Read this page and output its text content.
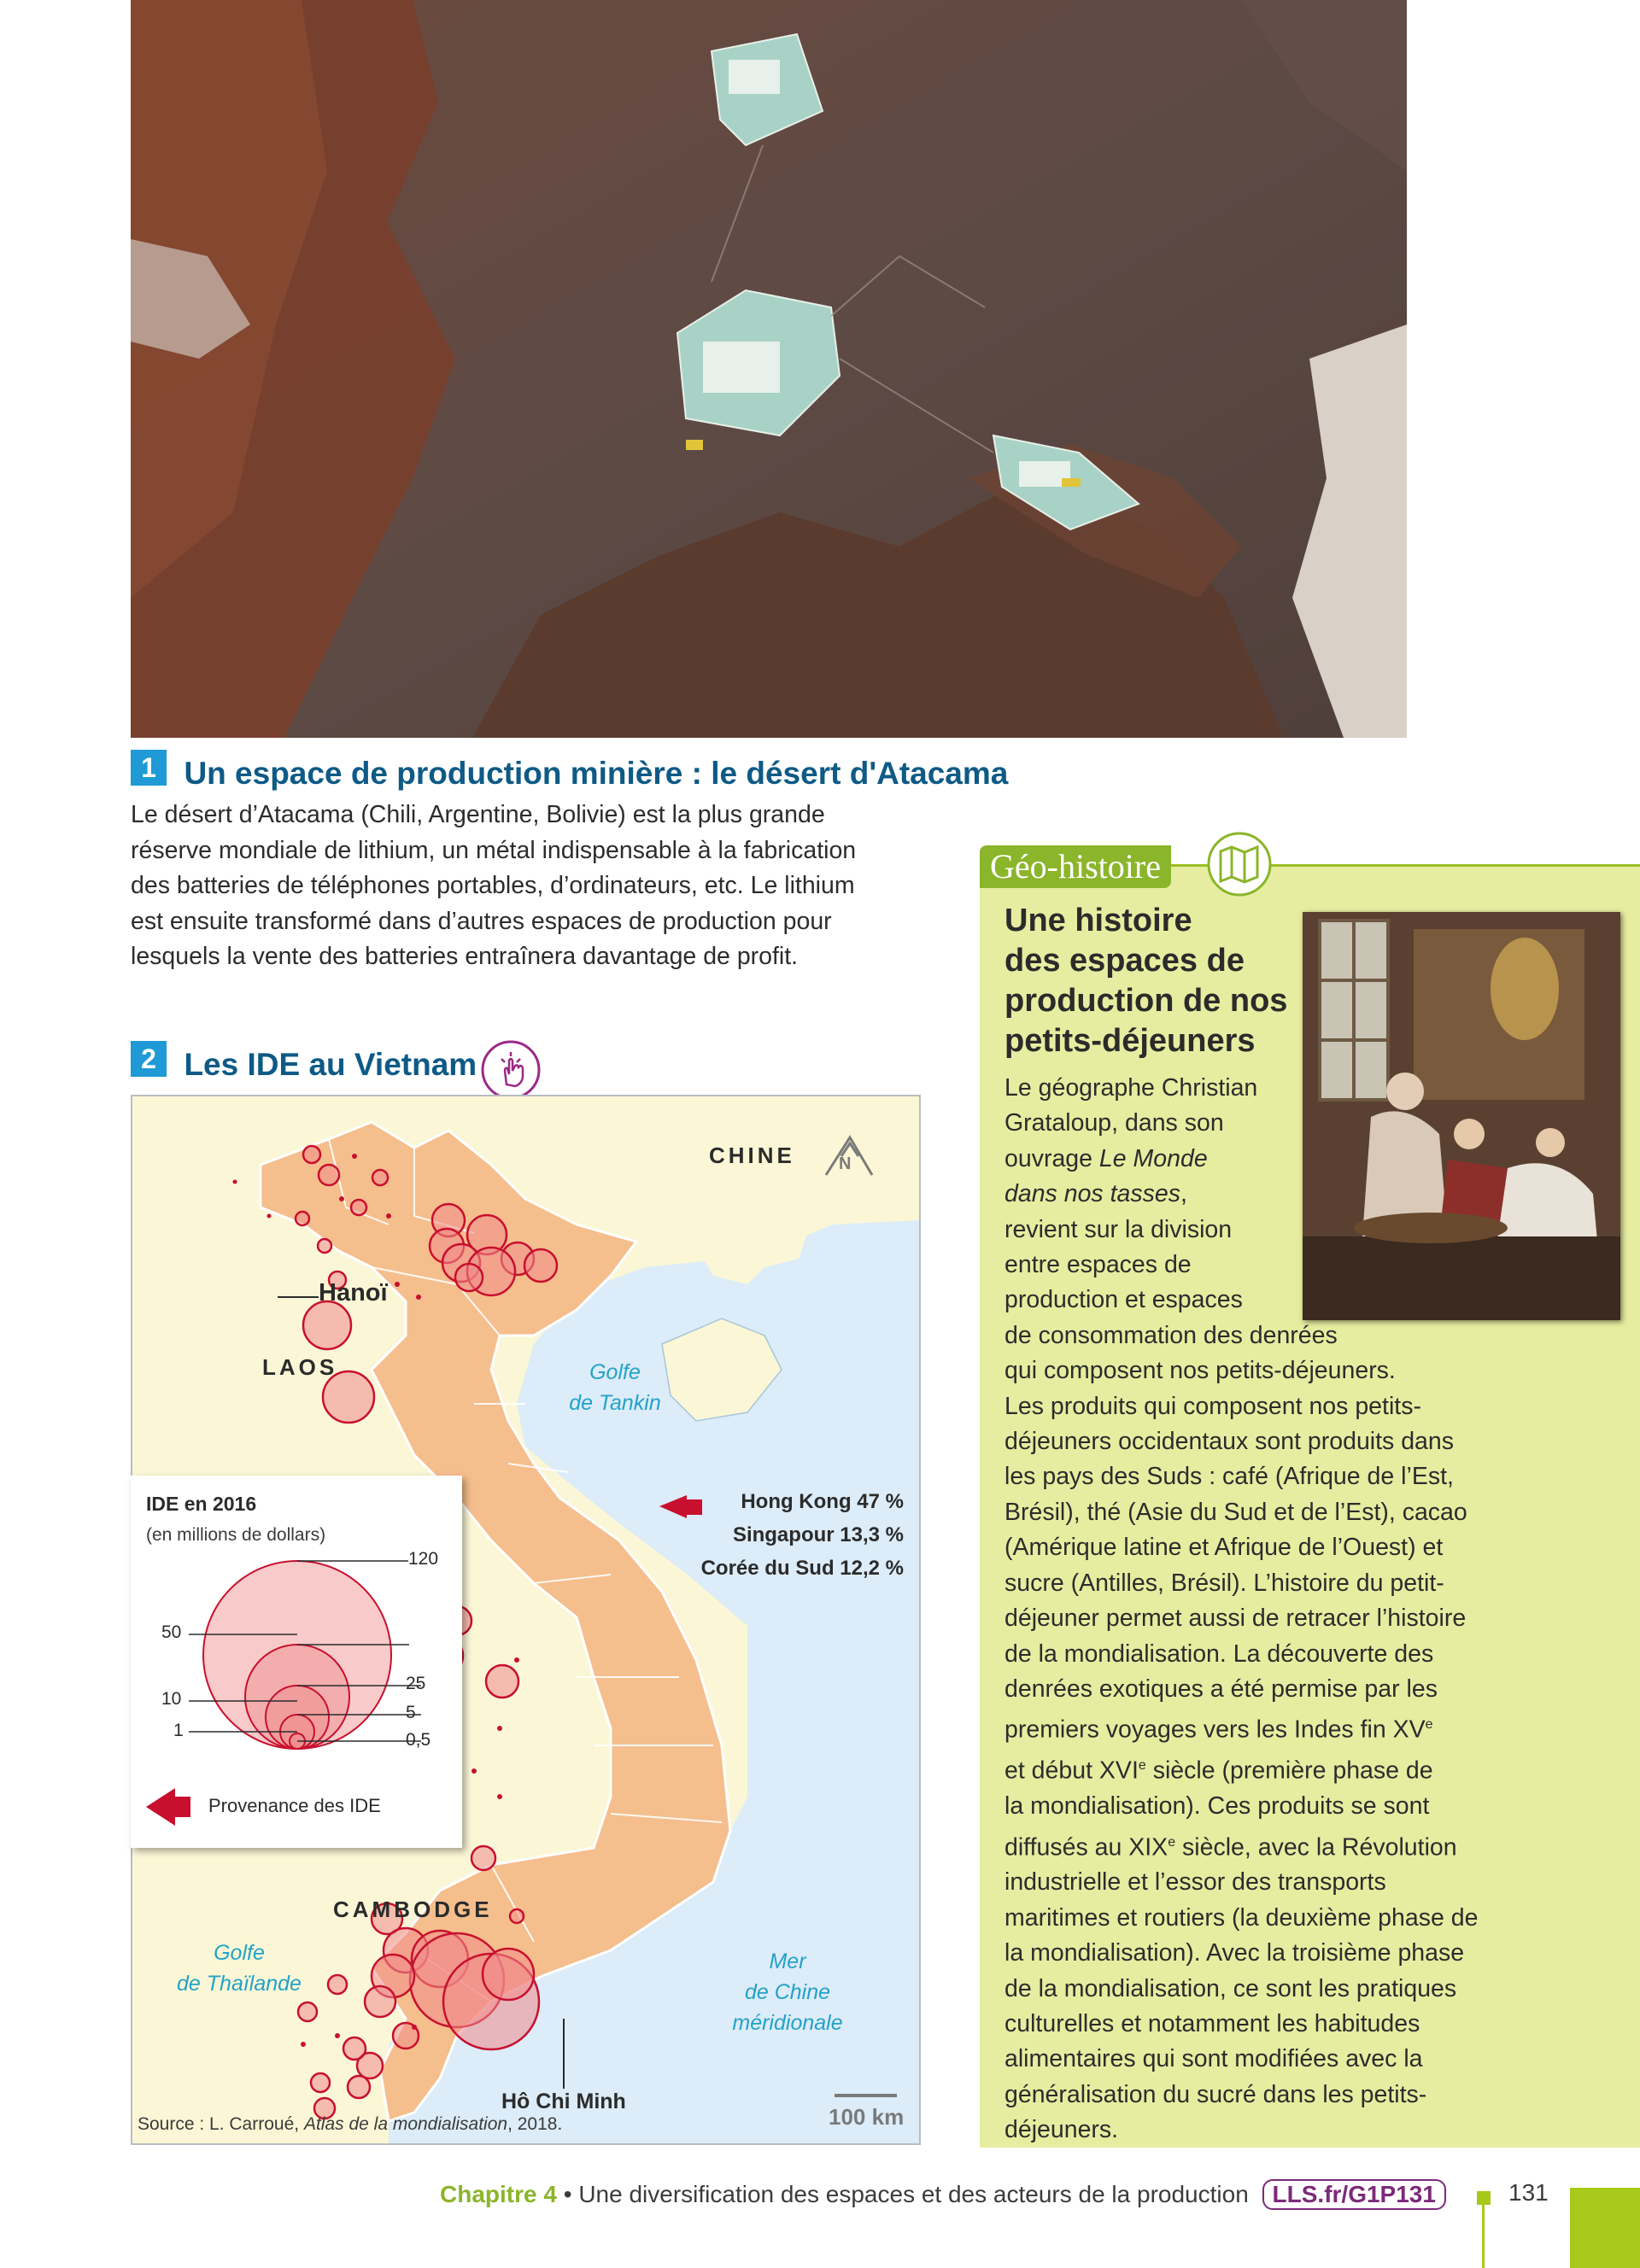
1 Un espace de production minière : le désert d'Atacama
Le désert d’Atacama (Chili, Argentine, Bolivie) est la plus grande
réserve mondiale de lithium, un métal indispensable à la fabrication
des batteries de téléphones portables, d’ordinateurs, etc. Le lithium
est ensuite transformé dans d’autres espaces de production pour
lesquels la vente des batteries entraînera davantage de profit.
2 Les IDE au Vietnam
N
CHINE
LAOS
CAMBODGE
Golfe
de Tankin
Golfe
de Thaïlande
Mer
de Chine
méridionale
Hanoï
Hô Chi Minh
Hong Kong 47 %
Singapour 13,3 %
Corée du Sud 12,2 %
100 km
Source : L. Carroué, Atlas de la mondialisation, 2018.
IDE en 2016
(en millions de dollars)
120
25
5
0,5
50
10
1
Provenance des IDE
Géo-histoire
Une histoire
des espaces de
production de nos
petits-déjeuners
Le géographe Christian
Grataloup, dans son
ouvrage Le Monde
dans nos tasses,
revient sur la division
entre espaces de
production et espaces
de consommation des denrées
qui composent nos petits-déjeuners.
Les produits qui composent nos petits-
déjeuners occidentaux sont produits dans
les pays des Suds : café (Afrique de l’Est,
Brésil), thé (Asie du Sud et de l’Est), cacao
(Amérique latine et Afrique de l’Ouest) et
sucre (Antilles, Brésil). L’histoire du petit-
déjeuner permet aussi de retracer l’histoire
de la mondialisation. La découverte des
denrées exotiques a été permise par les
premiers voyages vers les Indes fin XVe
et début XVIe siècle (première phase de
la mondialisation). Ces produits se sont
diffusés au XIXe siècle, avec la Révolution
industrielle et l’essor des transports
maritimes et routiers (la deuxième phase de
la mondialisation). Avec la troisième phase
de la mondialisation, ce sont les pratiques
culturelles et notamment les habitudes
alimentaires qui sont modifiées avec la
généralisation du sucré dans les petits-
déjeuners.
Chapitre 4 • Une diversification des espaces et des acteurs de la production LLS.fr/G1P131	131
